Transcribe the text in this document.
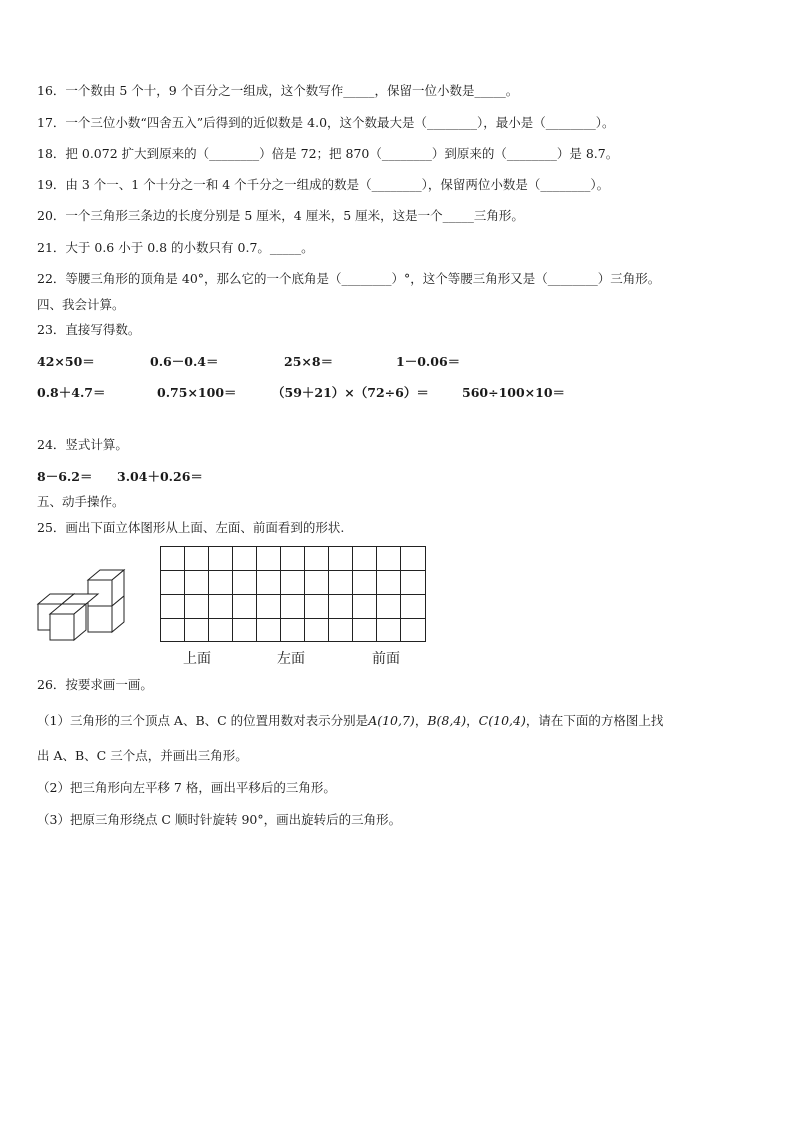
16．一个数由 5 个十，9 个百分之一组成，这个数写作_____，保留一位小数是_____。
17．一个三位小数“四舍五入”后得到的近似数是 4.0，这个数最大是（________），最小是（________）。
18．把 0.072 扩大到原来的（________）倍是 72；把 870（________）到原来的（________）是 8.7。
19．由 3 个一、1 个十分之一和 4 个千分之一组成的数是（________），保留两位小数是（________）。
20．一个三角形三条边的长度分别是 5 厘米，4 厘米，5 厘米，这是一个_____三角形。
21．大于 0.6 小于 0.8 的小数只有 0.7。_____。
22．等腰三角形的顶角是 40°，那么它的一个底角是（________）°，这个等腰三角形又是（________）三角形。
四、我会计算。
23．直接写得数。
42×50＝	0.6－0.4＝	25×8＝	1－0.06＝
0.8＋4.7＝	0.75×100＝	（59＋21）×（72÷6）＝	560÷100×10＝
24．竖式计算。
8－6.2＝ 3.04＋0.26＝
五、动手操作。
25．画出下面立体图形从上面、左面、前面看到的形状.
上面	左面	前面
26．按要求画一画。
（1）三角形的三个顶点 A、B、C 的位置用数对表示分别是A(10,7)，B(8,4)，C(10,4)，请在下面的方格图上找
出 A、B、C 三个点，并画出三角形。
（2）把三角形向左平移 7 格，画出平移后的三角形。
（3）把原三角形绕点 C 顺时针旋转 90°，画出旋转后的三角形。
